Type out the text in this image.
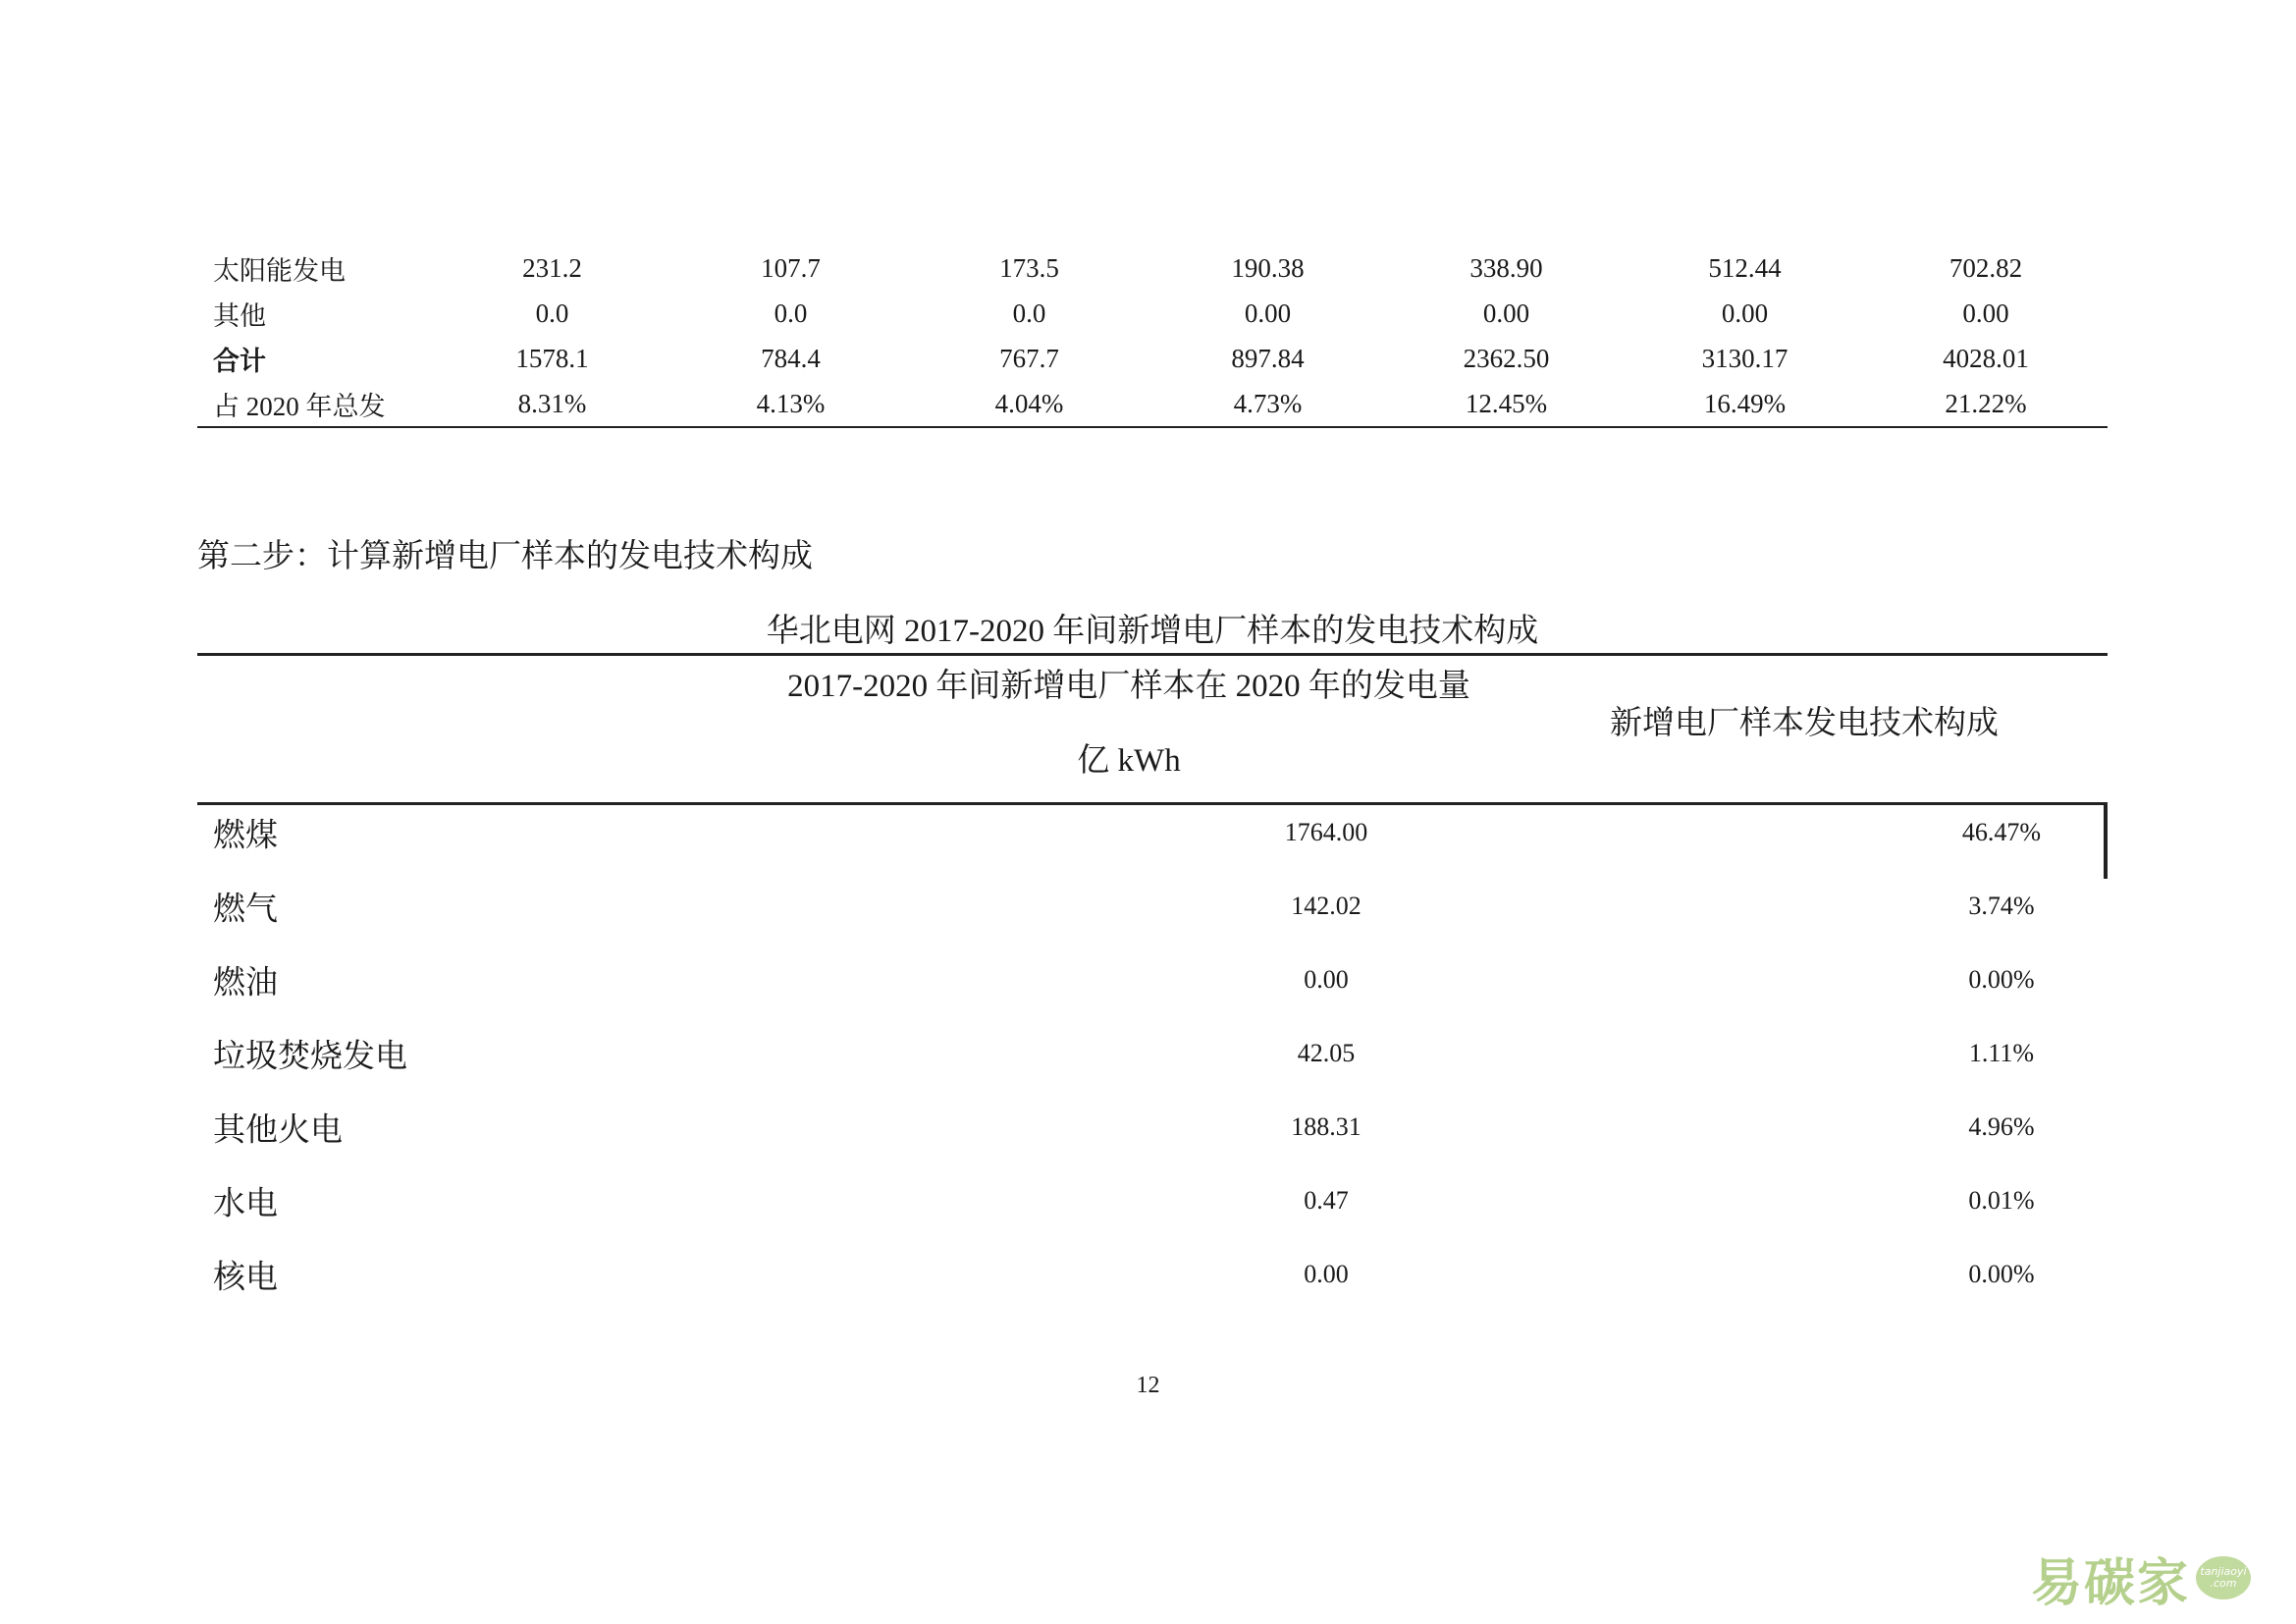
太阳能发电	231.2	107.7	173.5	190.38	338.90	512.44	702.82
其他	0.0	0.0	0.0	0.00	0.00	0.00	0.00
合计	1578.1	784.4	767.7	897.84	2362.50	3130.17	4028.01
占 2020 年总发	8.31%	4.13%	4.04%	4.73%	12.45%	16.49%	21.22%
第二步：计算新增电厂样本的发电技术构成
华北电网 2017-2020 年间新增电厂样本的发电技术构成
2017-2020 年间新增电厂样本在 2020 年的发电量
亿 kWh
新增电厂样本发电技术构成
燃煤	1764.00	46.47%
燃气	142.02	3.74%
燃油	0.00	0.00%
垃圾焚烧发电	42.05	1.11%
其他火电	188.31	4.96%
水电	0.47	0.01%
核电	0.00	0.00%
12
易碳家 tanjiaoyi
.com
